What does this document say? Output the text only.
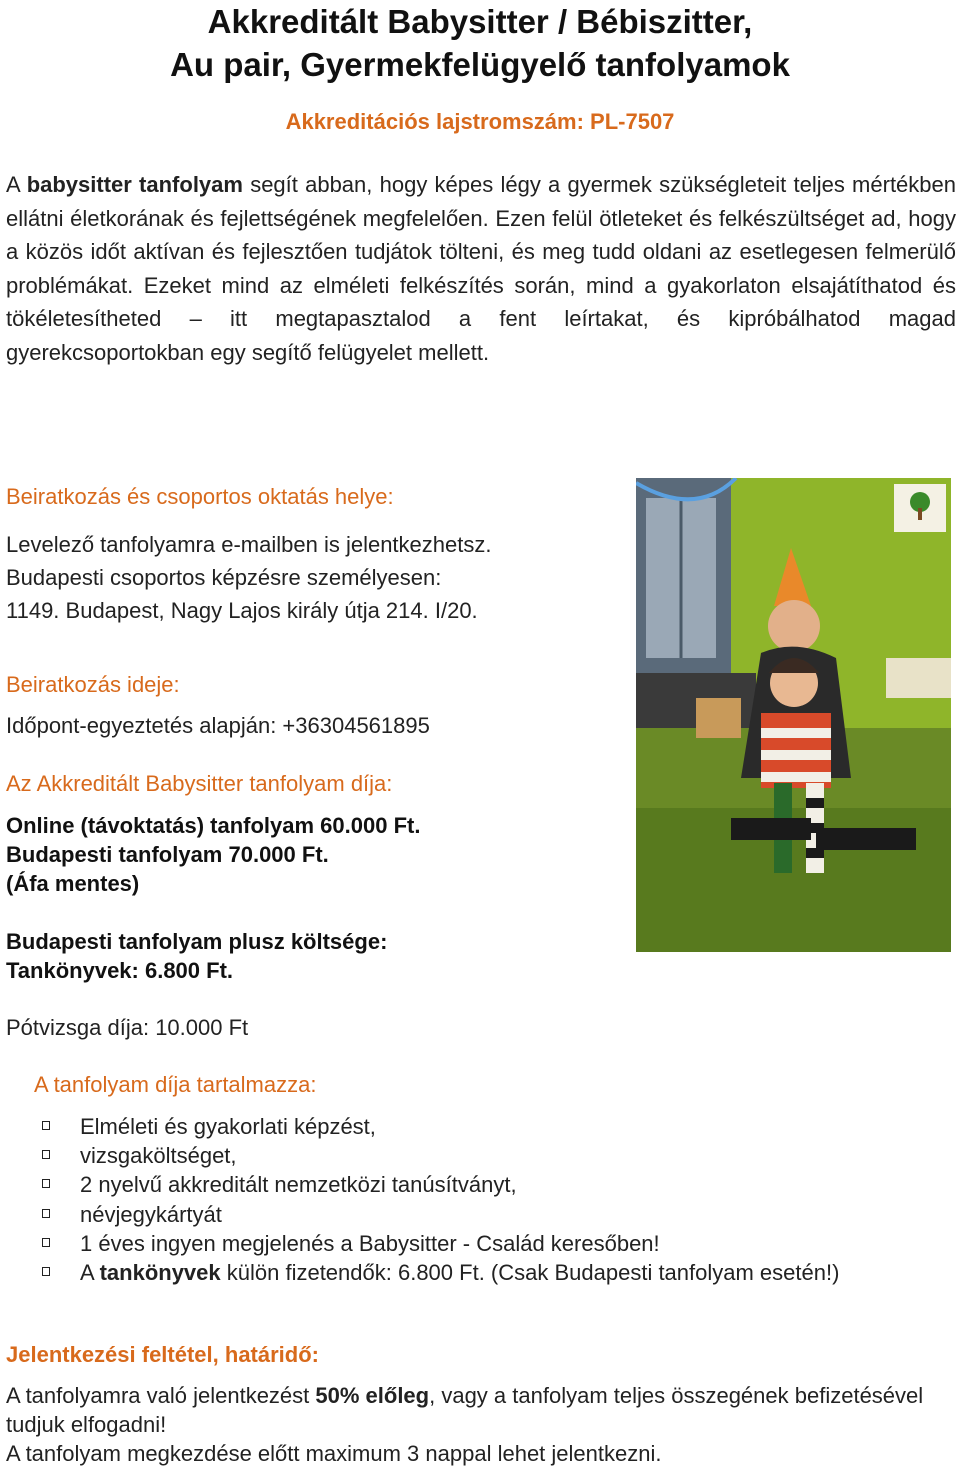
Akkreditált Babysitter / Bébiszitter,
Au pair, Gyermekfelügyelő tanfolyamok
Akkreditációs lajstromszám: PL-7507
A babysitter tanfolyam segít abban, hogy képes légy a gyermek szükségleteit teljes mértékben ellátni életkorának és fejlettségének megfelelően. Ezen felül ötleteket és felkészültséget ad, hogy a közös időt aktívan és fejlesztően tudjátok tölteni, és meg tudd oldani az esetlegesen felmerülő problémákat. Ezeket mind az elméleti felkészítés során, mind a gyakorlaton elsajátíthatod és tökéletesítheted – itt megtapasztalod a fent leírtakat, és kipróbálhatod magad gyerekcsoportokban egy segítő felügyelet mellett.
Beiratkozás és csoportos oktatás helye:
Levelező tanfolyamra e-mailben is jelentkezhetsz.
Budapesti csoportos képzésre személyesen:
1149. Budapest, Nagy Lajos király útja 214. I/20.
Beiratkozás ideje:
Időpont-egyeztetés alapján: +36304561895
Az Akkreditált Babysitter tanfolyam díja:
Online (távoktatás) tanfolyam 60.000 Ft.
Budapesti tanfolyam 70.000 Ft.
(Áfa mentes)
Budapesti tanfolyam plusz költsége:
Tankönyvek: 6.800 Ft.
Pótvizsga díja: 10.000 Ft
A tanfolyam díja tartalmazza:
Elméleti és gyakorlati képzést,
vizsgaköltséget,
2 nyelvű akkreditált nemzetközi tanúsítványt,
névjegykártyát
1 éves ingyen megjelenés a Babysitter - Család keresőben!
A tankönyvek külön fizetendők: 6.800 Ft. (Csak Budapesti tanfolyam esetén!)
Jelentkezési feltétel, határidő:
A tanfolyamra való jelentkezést 50% előleg, vagy a tanfolyam teljes összegének befizetésével tudjuk elfogadni!
A tanfolyam megkezdése előtt maximum 3 nappal lehet jelentkezni.
